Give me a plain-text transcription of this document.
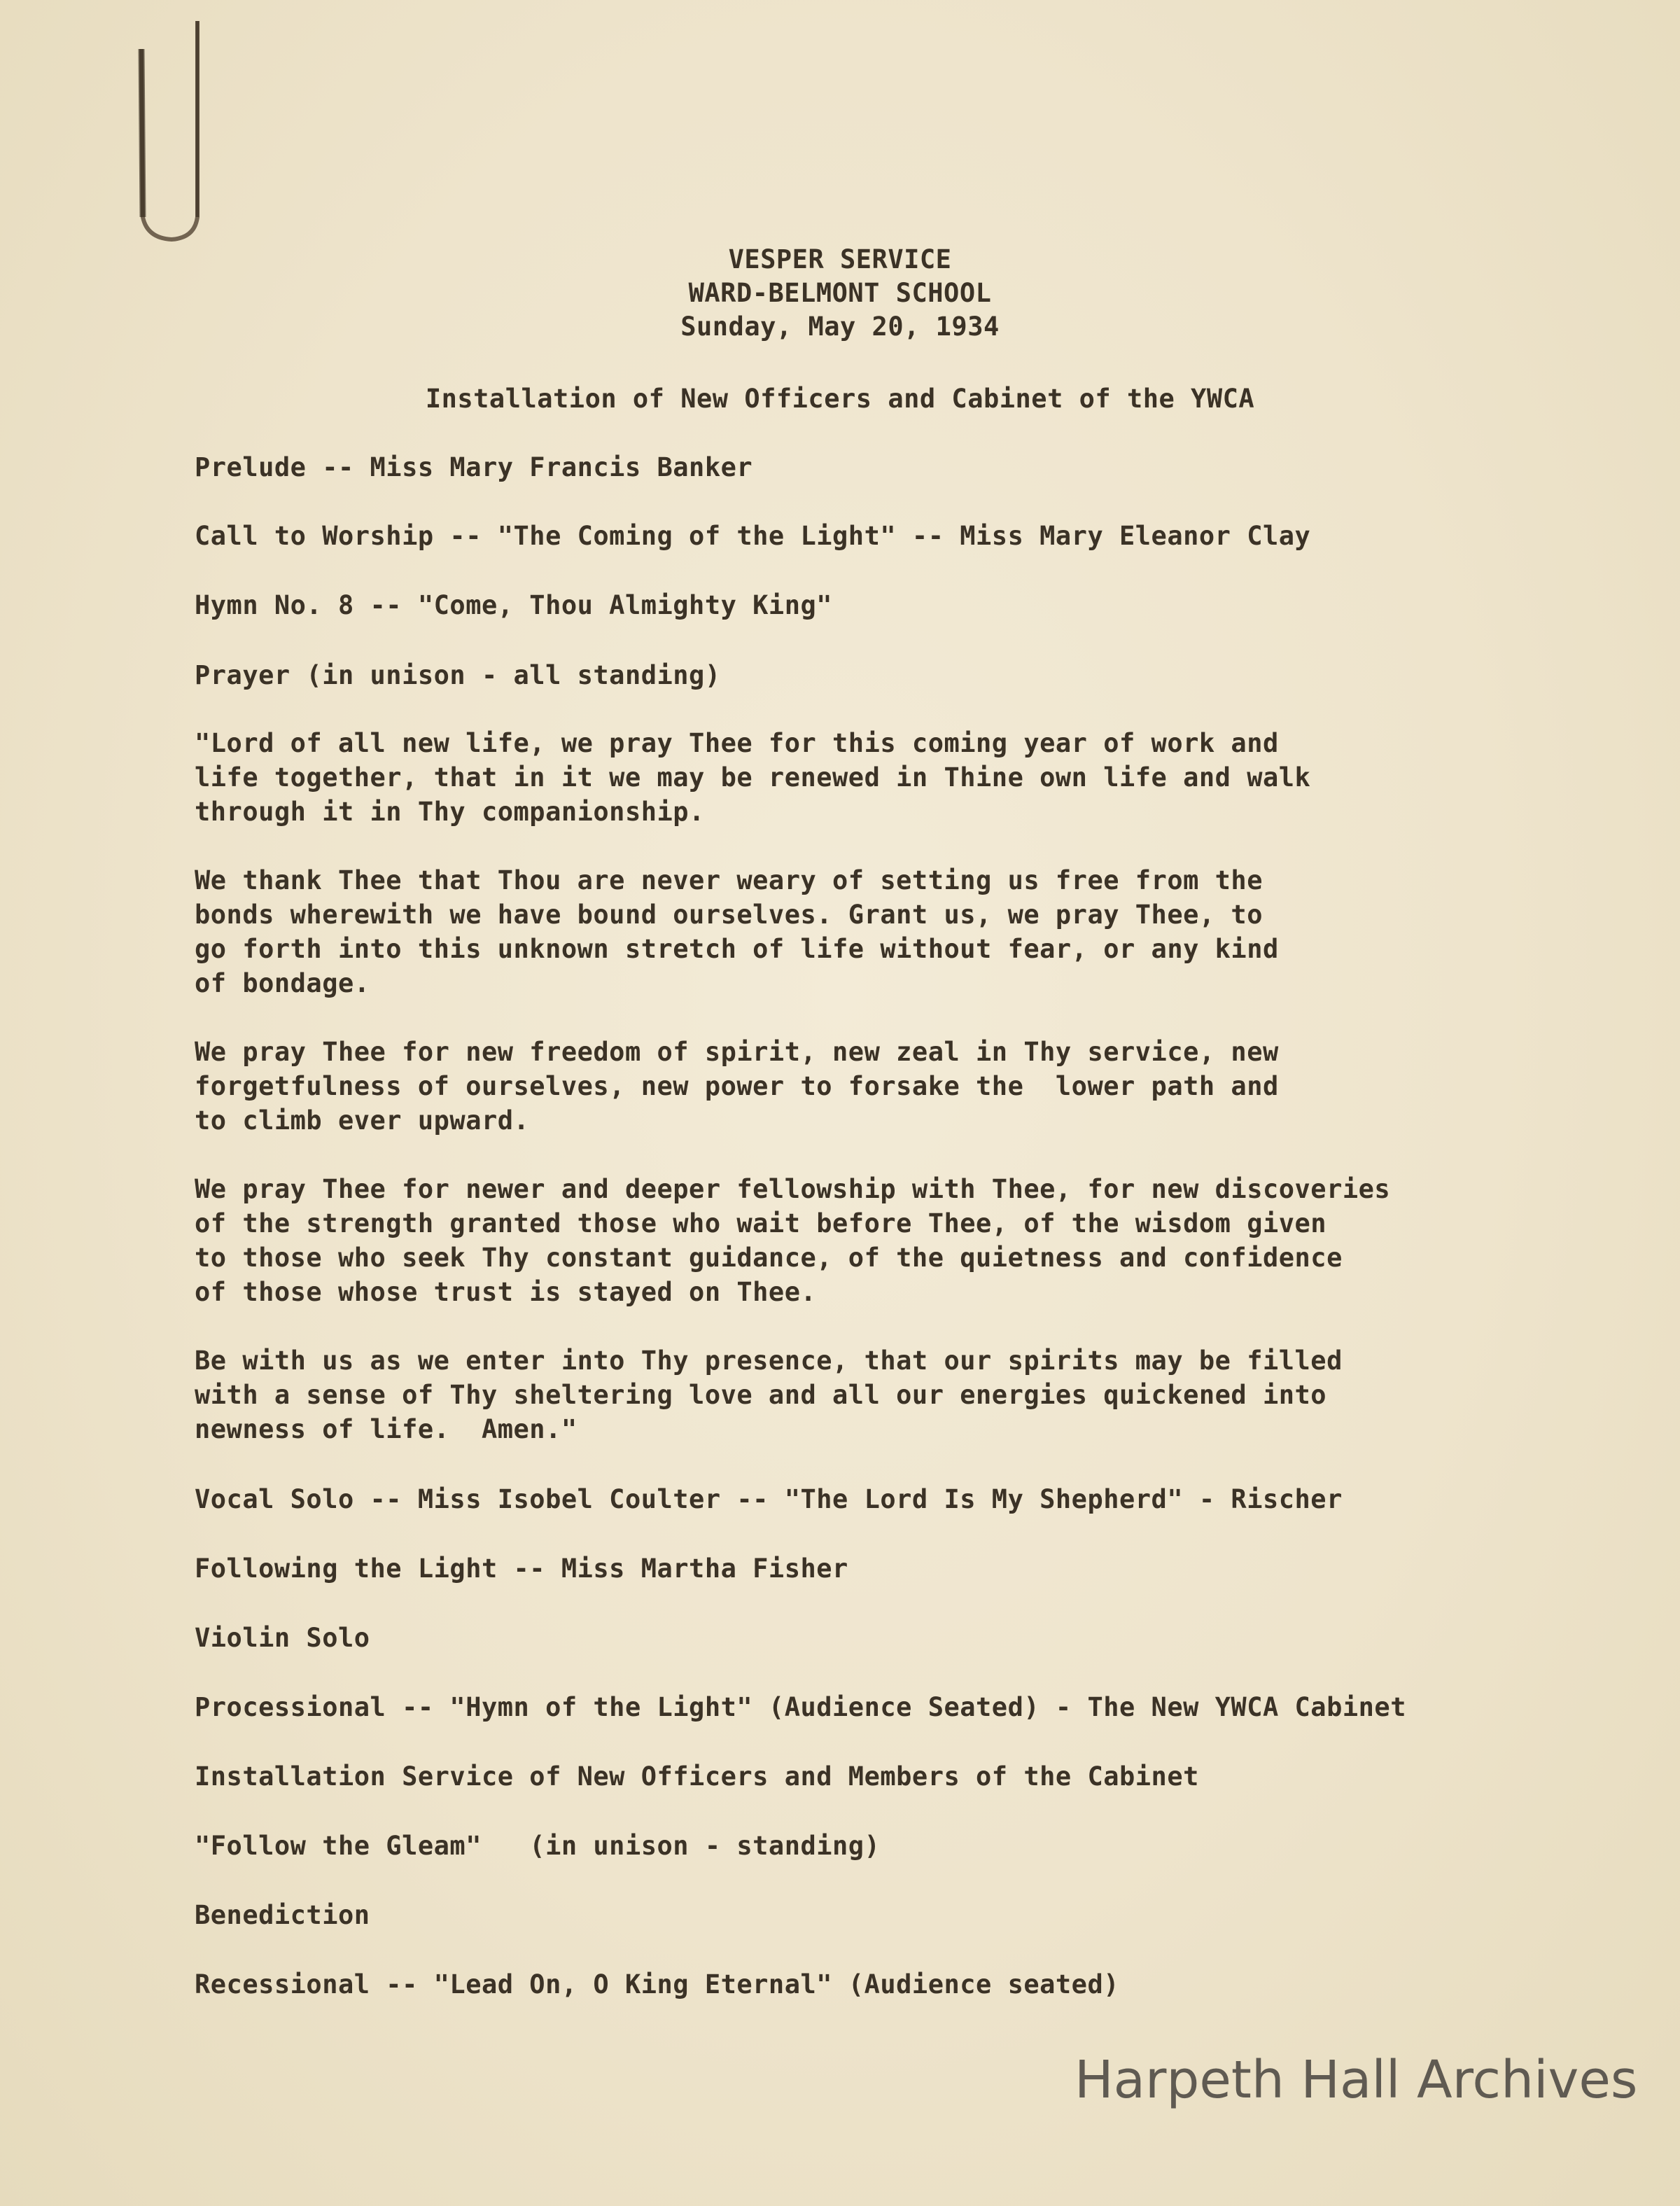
VESPER SERVICE
WARD-BELMONT SCHOOL
Sunday, May 20, 1934
Installation of New Officers and Cabinet of the YWCA
Prelude -- Miss Mary Francis Banker
Call to Worship -- "The Coming of the Light" -- Miss Mary Eleanor Clay
Hymn No. 8 -- "Come, Thou Almighty King"
Prayer (in unison - all standing)
"Lord of all new life, we pray Thee for this coming year of work and
life together, that in it we may be renewed in Thine own life and walk
through it in Thy companionship.
We thank Thee that Thou are never weary of setting us free from the
bonds wherewith we have bound ourselves. Grant us, we pray Thee, to
go forth into this unknown stretch of life without fear, or any kind
of bondage.
We pray Thee for new freedom of spirit, new zeal in Thy service, new
forgetfulness of ourselves, new power to forsake the  lower path and
to climb ever upward.
We pray Thee for newer and deeper fellowship with Thee, for new discoveries
of the strength granted those who wait before Thee, of the wisdom given
to those who seek Thy constant guidance, of the quietness and confidence
of those whose trust is stayed on Thee.
Be with us as we enter into Thy presence, that our spirits may be filled
with a sense of Thy sheltering love and all our energies quickened into
newness of life.  Amen."
Vocal Solo -- Miss Isobel Coulter -- "The Lord Is My Shepherd" - Rischer
Following the Light -- Miss Martha Fisher
Violin Solo
Processional -- "Hymn of the Light" (Audience Seated) - The New YWCA Cabinet
Installation Service of New Officers and Members of the Cabinet
"Follow the Gleam"   (in unison - standing)
Benediction
Recessional -- "Lead On, O King Eternal" (Audience seated)
Harpeth Hall Archives
